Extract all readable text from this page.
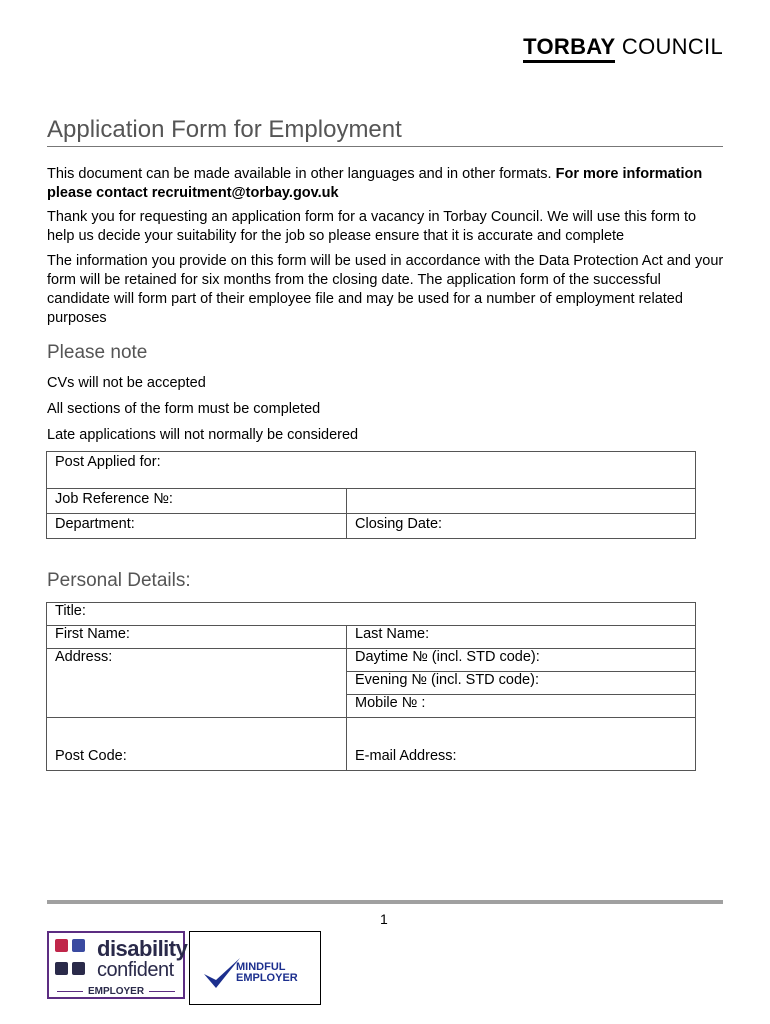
TORBAY COUNCIL
Application Form for Employment

This document can be made available in other languages and in other formats. For more information please contact recruitment@torbay.gov.uk

Thank you for requesting an application form for a vacancy in Torbay Council. We will use this form to help us decide your suitability for the job so please ensure that it is accurate and complete

The information you provide on this form will be used in accordance with the Data Protection Act and your form will be retained for six months from the closing date. The application form of the successful candidate will form part of their employee file and may be used for a number of employment related purposes

Please note

CVs will not be accepted

All sections of the form must be completed

Late applications will not normally be considered

Post Applied for:	
Job Reference №:	
Department:	Closing Date:
Personal Details:
Title:	
First Name:	Last Name:
Address:	Daytime № (incl. STD code):
	Evening № (incl. STD code):
	Mobile № :
Post Code:	E-mail Address:
1
disability
confident
EMPLOYER
MINDFUL
EMPLOYER
